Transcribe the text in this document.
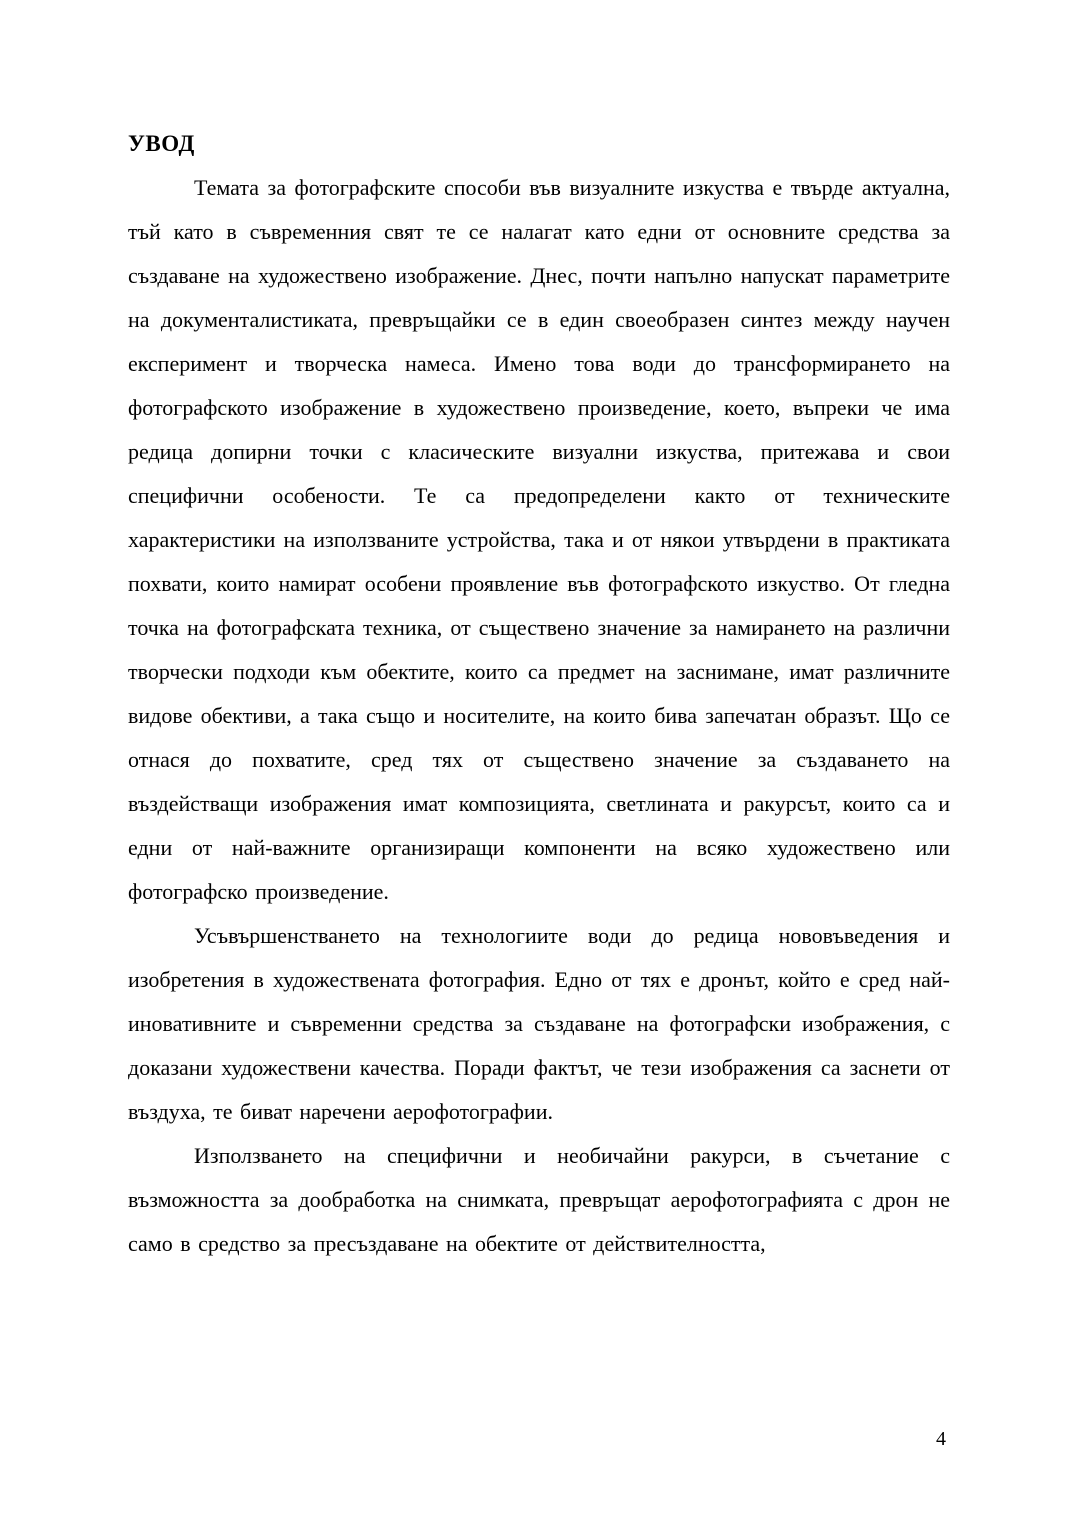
УВОД

Темата за фотографските способи във визуалните изкуства е твърде актуална, тъй като в съвременния свят те се налагат като едни от основните средства за създаване на художествено изображение. Днес, почти напълно напускат параметрите на документалистиката, превръщайки се в един своеобразен синтез между научен експеримент и творческа намеса. Имено това води до трансформирането на фотографското изображение в художествено произведение, което, въпреки че има редица допирни точки с класическите визуални изкуства, притежава и свои специфични особености. Те са предопределени както от техническите характеристики на използваните устройства, така и от някои утвърдени в практиката похвати, които намират особени проявление във фотографското изкуство. От гледна точка на фотографската техника, от съществено значение за намирането на различни творчески подходи към обектите, които са предмет на заснимане, имат различните видове обективи, а така също и носителите, на които бива запечатан образът. Що се отнася до похватите, сред тях от съществено значение за създаването на въздействащи изображения имат композицията, светлината и ракурсът, които са и едни от най-важните организиращи компоненти на всяко художествено или фотографско произведение.

Усъвършенстването на технологиите води до редица нововъведения и изобретения в художествената фотография. Едно от тях е дронът, който е сред най-иновативните и съвременни средства за създаване на фотографски изображения, с доказани художествени качества. Поради фактът, че тези изображения са заснети от въздуха, те биват наречени аерофотографии.

Използването на специфични и необичайни ракурси, в съчетание с възможността за дообработка на снимката, превръщат аерофотографията с дрон не само в средство за пресъздаване на обектите от действителността,

4
